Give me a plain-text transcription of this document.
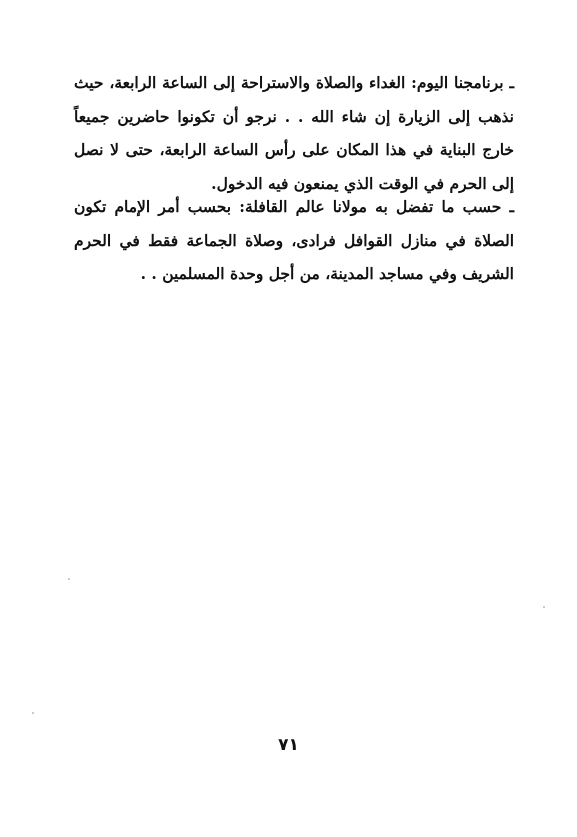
ـ برنامجنا اليوم: الغداء والصلاة والاستراحة إلى الساعة الرابعة، حيث نذهب إلى الزيارة إن شاء الله . . نرجو أن تكونوا حاضرين جميعاً خارج البناية في هذا المكان على رأس الساعة الرابعة، حتى لا نصل إلى الحرم في الوقت الذي يمنعون فيه الدخول.

ـ حسب ما تفضل به مولانا عالم القافلة: بحسب أمر الإمام تكون الصلاة في منازل القوافل فرادى، وصلاة الجماعة فقط في الحرم الشريف وفي مساجد المدينة، من أجل وحدة المسلمين . .

٧١
